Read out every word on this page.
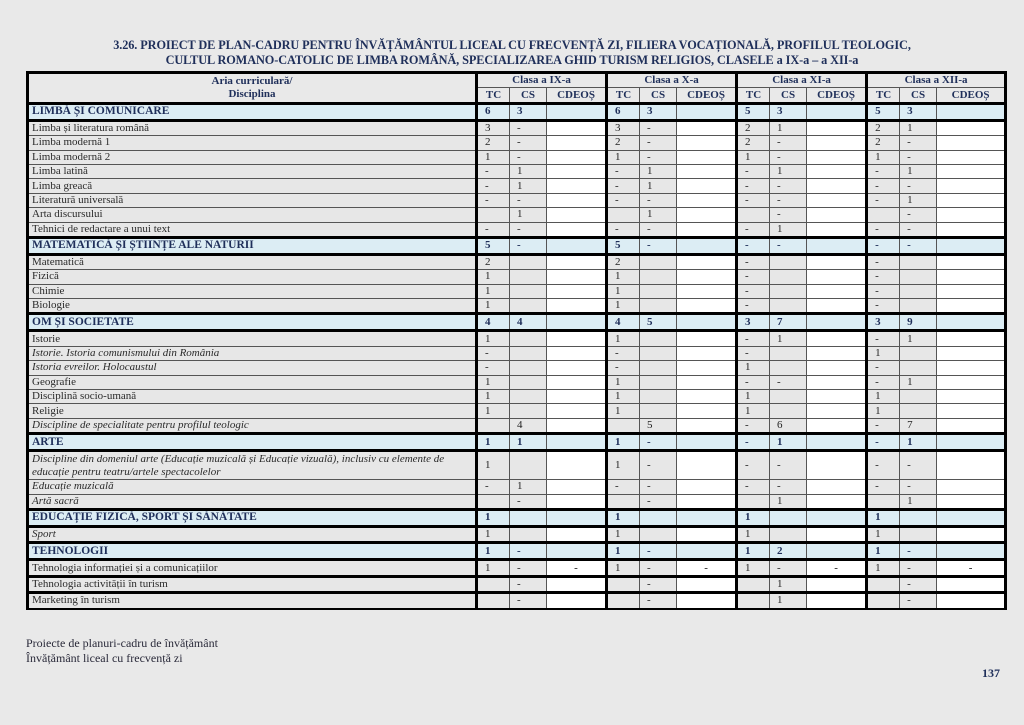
3.26. PROIECT DE PLAN-CADRU PENTRU ÎNVĂȚĂMÂNTUL LICEAL CU FRECVENȚĂ ZI, FILIERA VOCAȚIONALĂ, PROFILUL TEOLOGIC,
CULTUL ROMANO-CATOLIC DE LIMBA ROMÂNĂ, SPECIALIZAREA GHID TURISM RELIGIOS, CLASELE a IX-a – a XII-a
Aria curriculară/
Disciplina	Clasa a IX-a			Clasa a X-a			Clasa a XI-a			Clasa a XII-a		
	TC	CS	CDEOȘ	TC	CS	CDEOȘ	TC	CS	CDEOȘ	TC	CS	CDEOȘ
LIMBĂ ȘI COMUNICARE	6	3		6	3		5	3		5	3	
Limba și literatura română	3	-		3	-		2	1		2	1	
Limba modernă 1	2	-		2	-		2	-		2	-	
Limba modernă 2	1	-		1	-		1	-		1	-	
Limba latină	-	1		-	1		-	1		-	1	
Limba greacă	-	1		-	1		-	-		-	-	
Literatură universală	-	-		-	-		-	-		-	1	
Arta discursului		1			1			-			-	
Tehnici de redactare a unui text	-	-		-	-		-	1		-	-	
MATEMATICĂ ȘI ȘTIINȚE ALE NATURII	5	-		5	-		-	-		-	-	
Matematică	2			2			-			-		
Fizică	1			1			-			-		
Chimie	1			1			-			-		
Biologie	1			1			-			-		
OM ȘI SOCIETATE	4	4		4	5		3	7		3	9	
Istorie	1			1			-	1		-	1	
Istorie. Istoria comunismului din România	-			-			-			1		
Istoria evreilor. Holocaustul	-			-			1			-		
Geografie	1			1			-	-		-	1	
Disciplină socio-umană	1			1			1			1		
Religie	1			1			1			1		
Discipline de specialitate pentru profilul teologic		4			5		-	6		-	7	
ARTE	1	1		1	-		-	1		-	1	
Discipline din domeniul arte (Educație muzicală și Educație vizuală), inclusiv cu elemente de educație pentru teatru/artele spectacolelor	1			1	-		-	-		-	-	
Educație muzicală	-	1		-	-		-	-		-	-	
Artă sacră		-			-			1			1	
EDUCAȚIE FIZICĂ, SPORT ȘI SĂNĂTATE	1			1			1			1		
Sport	1			1			1			1		
TEHNOLOGII	1	-		1	-		1	2		1	-	
Tehnologia informației și a comunicațiilor	1	-	-	1	-	-	1	-	-	1	-	-
Tehnologia activității în turism		-			-			1			-	
Marketing în turism		-			-			1			-	
Proiecte de planuri-cadru de învățământ
Învățământ liceal cu frecvență zi
137
